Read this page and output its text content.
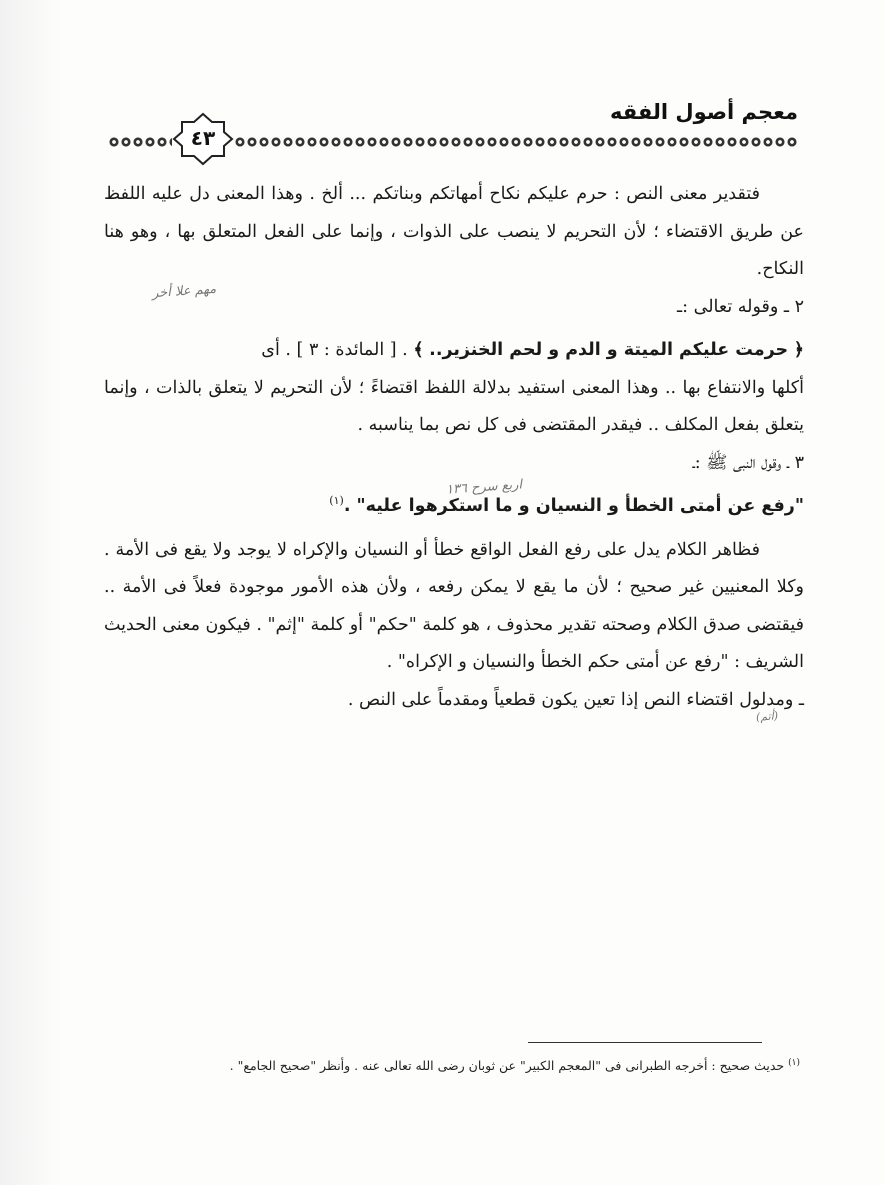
معجم أصول الفقه
٤٣

فتقدير معنى النص : حرم عليكم نكاح أمهاتكم وبناتكم ... ألخ . وهذا المعنى دل عليه اللفظ عن طريق الاقتضاء ؛ لأن التحريم لا ينصب على الذوات ، وإنما على الفعل المتعلق بها ، وهو هنا النكاح.

٢ ـ وقوله تعالى :ـ

﴿ حرمت عليكم الميتة و الدم و لحم الخنزير.. ﴾ . [ المائدة : ٣ ] . أى

أكلها والانتفاع بها .. وهذا المعنى استفيد بدلالة اللفظ اقتضاءً ؛ لأن التحريم لا يتعلق بالذات ، وإنما يتعلق بفعل المكلف .. فيقدر المقتضى فى كل نص بما يناسبه .

٣ ـ وقول النبى ﷺ :ـ

"رفع عن أمتى الخطأ و النسيان و ما استكرهوا عليه" .$^{(١)}$

فظاهر الكلام يدل على رفع الفعل الواقع خطأ أو النسيان والإكراه لا يوجد ولا يقع فى الأمة . وكلا المعنيين غير صحيح ؛ لأن ما يقع لا يمكن رفعه ، ولأن هذه الأمور موجودة فعلاً فى الأمة .. فيقتضى صدق الكلام وصحته تقدير محذوف ، هو كلمة "حكم" أو كلمة "إثم" . فيكون معنى الحديث الشريف : "رفع عن أمتى حكم الخطأ والنسيان و الإكراه" .

ـ ومدلول اقتضاء النص إذا تعين يكون قطعياً ومقدماً على النص .

مهم علا أخر
اربع سرح ١٣٦
(أتم)
$^{(١)}$ حديث صحيح : أخرجه الطبرانى فى "المعجم الكبير" عن ثوبان رضى الله تعالى عنه . وأنظر "صحيح الجامع" .
